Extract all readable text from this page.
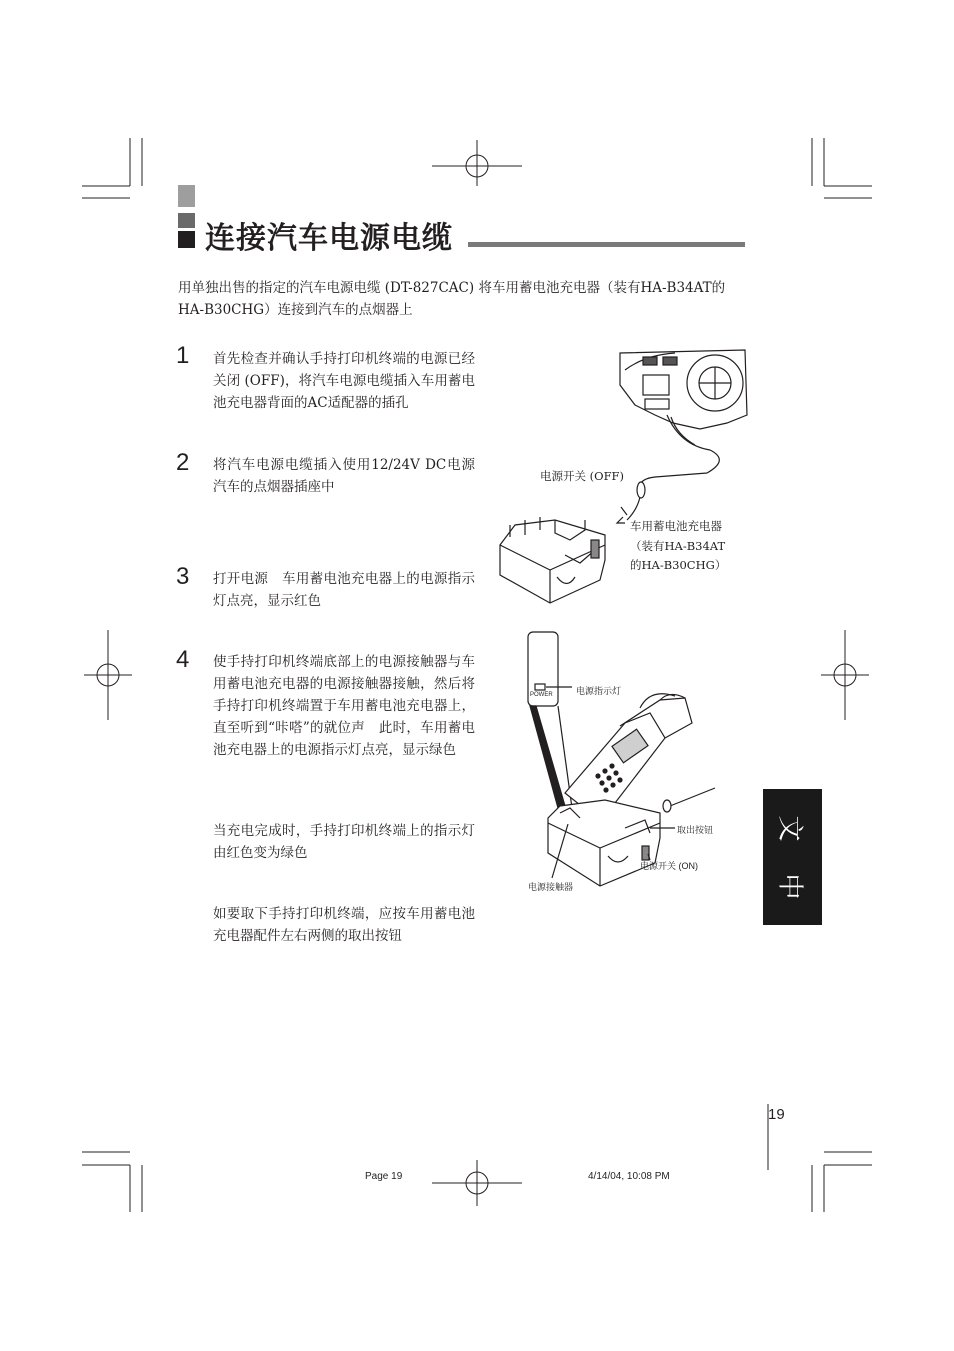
连接汽车电源电缆
用单独出售的指定的汽车电源电缆 (DT-827CAC) 将车用蓄电池充电器（装有HA-B34AT的HA-B30CHG）连接到汽车的点烟器上
1 首先检查并确认手持打印机终端的电源已经关闭 (OFF)，将汽车电源电缆插入车用蓄电池充电器背面的AC适配器的插孔
2 将汽车电源电缆插入使用12/24V DC电源汽车的点烟器插座中
3 打开电源　车用蓄电池充电器上的电源指示灯点亮，显示红色
4 使手持打印机终端底部上的电源接触器与车用蓄电池充电器的电源接触器接触，然后将手持打印机终端置于车用蓄电池充电器上，直至听到“咔嗒”的就位声　此时，车用蓄电池充电器上的电源指示灯点亮，显示绿色
当充电完成时，手持打印机终端上的指示灯由红色变为绿色
如要取下手持打印机终端，应按车用蓄电池充电器配件左右两侧的取出按钮
电源开关 (OFF)
车用蓄电池充电器
（装有HA-B34AT
的HA-B30CHG）
POWER	电源指示灯
取出按钮
电源开关 (ON)
电源接触器
文
中
19
Page 19	4/14/04, 10:08 PM
